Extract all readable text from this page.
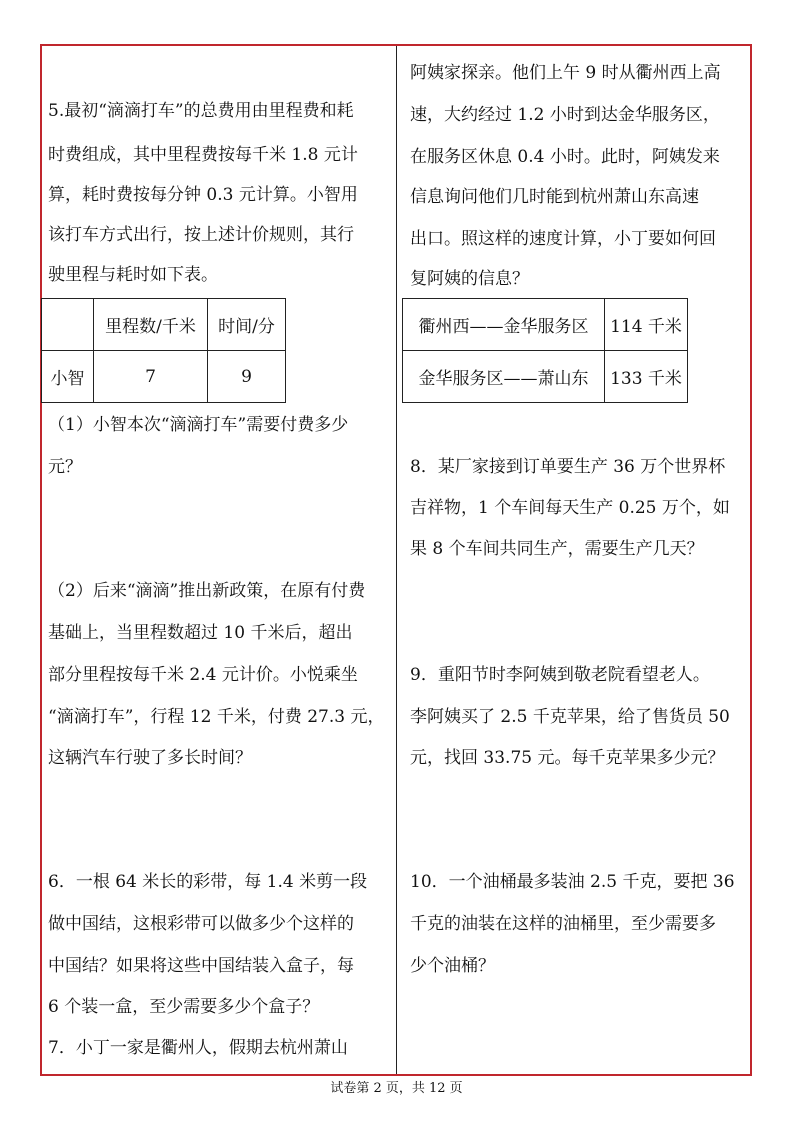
5.最初“滴滴打车”的总费用由里程费和耗
时费组成，其中里程费按每千米 1.8 元计
算，耗时费按每分钟 0.3 元计算。小智用
该打车方式出行，按上述计价规则，其行
驶里程与耗时如下表。
	里程数/千米	时间/分
小智	7	9
（1）小智本次“滴滴打车”需要付费多少
元？
（2）后来“滴滴”推出新政策，在原有付费
基础上，当里程数超过 10 千米后，超出
部分里程按每千米 2.4 元计价。小悦乘坐
“滴滴打车”，行程 12 千米，付费 27.3 元，
这辆汽车行驶了多长时间？
6．一根 64 米长的彩带，每 1.4 米剪一段
做中国结，这根彩带可以做多少个这样的
中国结？如果将这些中国结装入盒子，每
6 个装一盒，至少需要多少个盒子？
7．小丁一家是衢州人，假期去杭州萧山
阿姨家探亲。他们上午 9 时从衢州西上高
速，大约经过 1.2 小时到达金华服务区，
在服务区休息 0.4 小时。此时，阿姨发来
信息询问他们几时能到杭州萧山东高速
出口。照这样的速度计算，小丁要如何回
复阿姨的信息？
衢州西——金华服务区	114 千米
金华服务区——萧山东	133 千米
8．某厂家接到订单要生产 36 万个世界杯
吉祥物，1 个车间每天生产 0.25 万个，如
果 8 个车间共同生产，需要生产几天？
9．重阳节时李阿姨到敬老院看望老人。
李阿姨买了 2.5 千克苹果，给了售货员 50
元，找回 33.75 元。每千克苹果多少元？
10．一个油桶最多装油 2.5 千克，要把 36
千克的油装在这样的油桶里，至少需要多
少个油桶？
试卷第 2 页，共 12 页
